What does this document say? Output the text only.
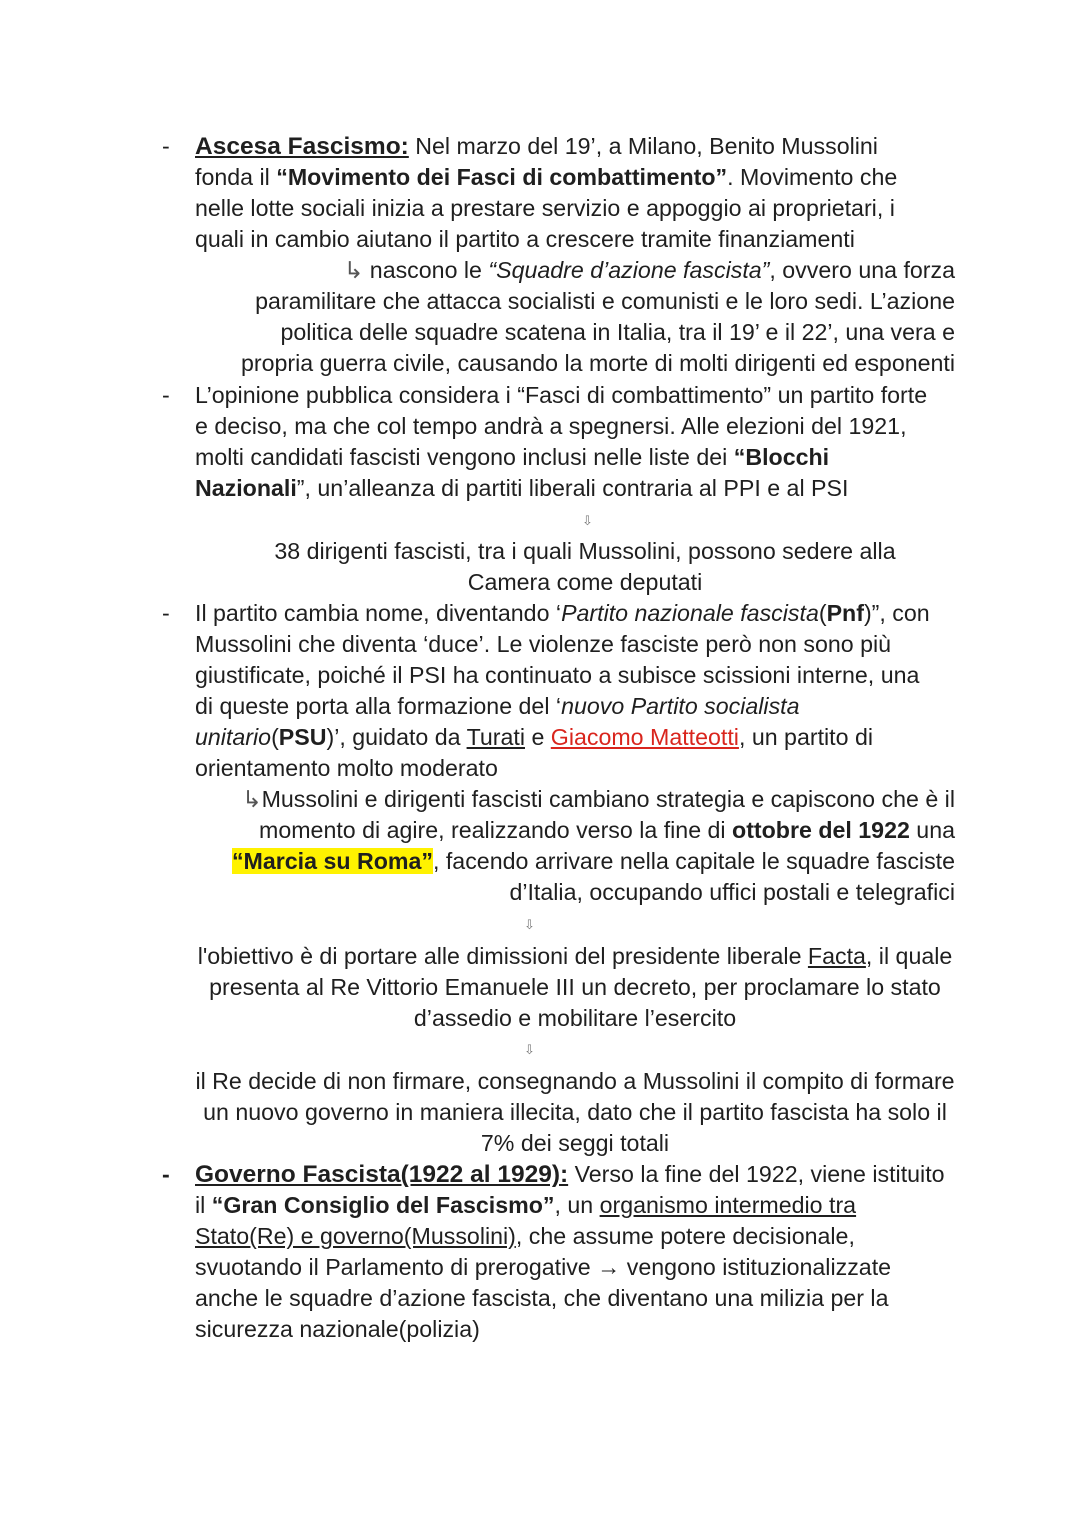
-

Ascesa Fascismo: Nel marzo del 19’, a Milano, Benito Mussolini fonda il “Movimento dei Fasci di combattimento”. Movimento che nelle lotte sociali inizia a prestare servizio e appoggio ai proprietari, i quali in cambio aiutano il partito a crescere tramite finanziamenti

↳ nascono le “Squadre d’azione fascista”, ovvero una forza paramilitare che attacca socialisti e comunisti e le loro sedi. L’azione politica delle squadre scatena in Italia, tra il 19’ e il 22’, una vera e propria guerra civile, causando la morte di molti dirigenti ed esponenti

-

L’opinione pubblica considera i “Fasci di combattimento” un partito forte e deciso, ma che col tempo andrà a spegnersi. Alle elezioni del 1921, molti candidati fascisti vengono inclusi nelle liste dei “Blocchi Nazionali”, un’alleanza di partiti liberali contraria al PPI e al PSI

⇩

38 dirigenti fascisti, tra i quali Mussolini, possono sedere alla Camera come deputati

-

Il partito cambia nome, diventando ‘Partito nazionale fascista(Pnf)”, con Mussolini che diventa ‘duce’. Le violenze fasciste però non sono più giustificate, poiché il PSI ha continuato a subisce scissioni interne, una di queste porta alla formazione del ‘nuovo Partito socialista unitario(PSU)’, guidato da Turati e Giacomo Matteotti, un partito di orientamento molto moderato

↳Mussolini e dirigenti fascisti cambiano strategia e capiscono che è il momento di agire, realizzando verso la fine di ottobre del 1922 una “Marcia su Roma”, facendo arrivare nella capitale le squadre fasciste d’Italia, occupando uffici postali e telegrafici

⇩

l'obiettivo è di portare alle dimissioni del presidente liberale Facta, il quale presenta al Re Vittorio Emanuele III un decreto, per proclamare lo stato d’assedio e mobilitare l’esercito

⇩

il Re decide di non firmare, consegnando a Mussolini il compito di formare un nuovo governo in maniera illecita, dato che il partito fascista ha solo il 7% dei seggi totali

-

Governo Fascista(1922 al 1929): Verso la fine del 1922, viene istituito il “Gran Consiglio del Fascismo”, un organismo intermedio tra Stato(Re) e governo(Mussolini), che assume potere decisionale, svuotando il Parlamento di prerogative → vengono istituzionalizzate anche le squadre d’azione fascista, che diventano una milizia per la sicurezza nazionale(polizia)
